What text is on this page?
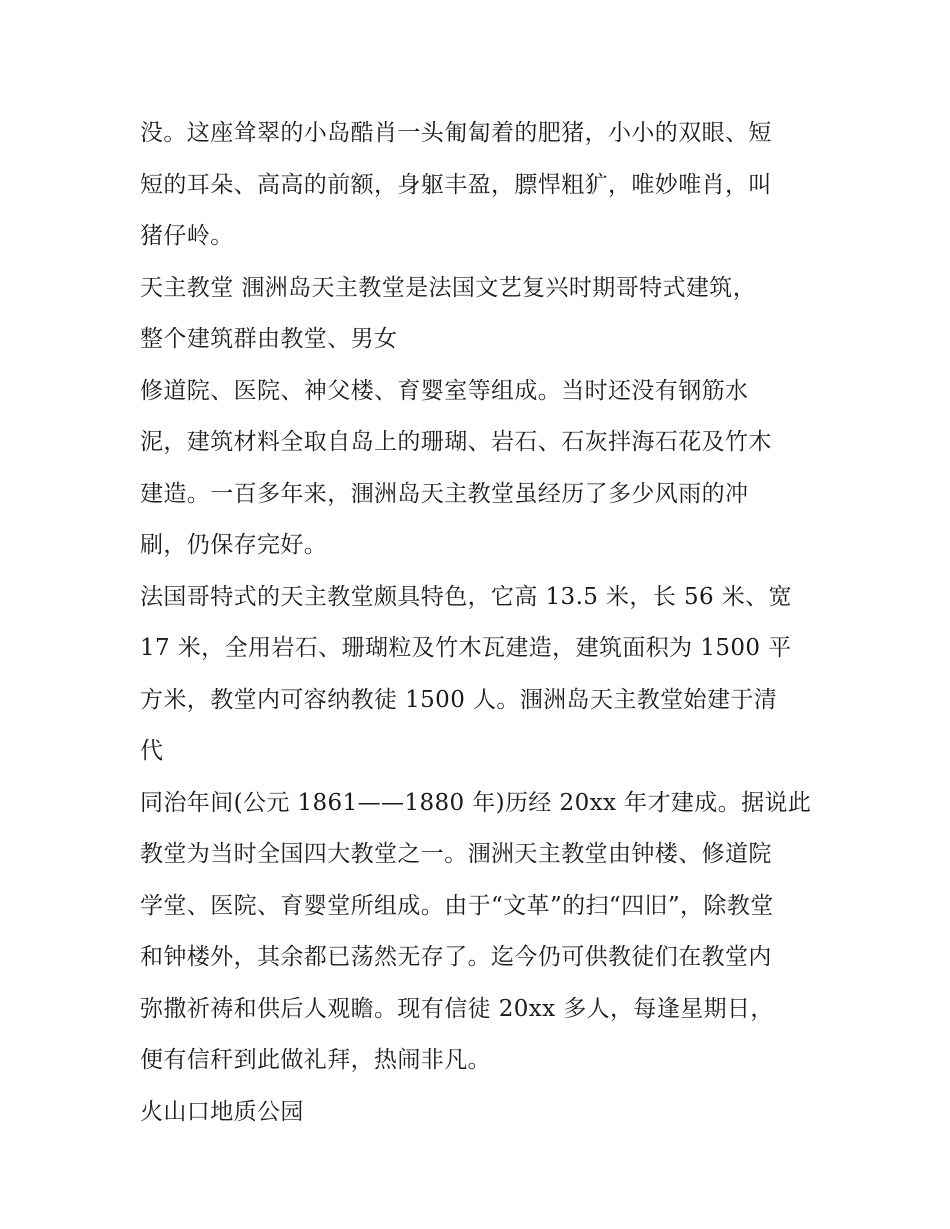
没。这座耸翠的小岛酷肖一头匍匐着的肥猪，小小的双眼、短
短的耳朵、高高的前额，身躯丰盈，膘悍粗犷，唯妙唯肖，叫
猪仔岭。
天主教堂 涠洲岛天主教堂是法国文艺复兴时期哥特式建筑，
整个建筑群由教堂、男女
修道院、医院、神父楼、育婴室等组成。当时还没有钢筋水
泥，建筑材料全取自岛上的珊瑚、岩石、石灰拌海石花及竹木
建造。一百多年来，涠洲岛天主教堂虽经历了多少风雨的冲
刷，仍保存完好。
法国哥特式的天主教堂颇具特色，它高 13.5 米，长 56 米、宽
17 米，全用岩石、珊瑚粒及竹木瓦建造，建筑面积为 1500 平
方米，教堂内可容纳教徒 1500 人。涠洲岛天主教堂始建于清
代
同治年间(公元 1861——1880 年)历经 20xx 年才建成。据说此
教堂为当时全国四大教堂之一。涠洲天主教堂由钟楼、修道院
学堂、医院、育婴堂所组成。由于“文革”的扫“四旧”，除教堂
和钟楼外，其余都已荡然无存了。迄今仍可供教徒们在教堂内
弥撒祈祷和供后人观瞻。现有信徒 20xx 多人，每逢星期日，
便有信秆到此做礼拜，热闹非凡。
火山口地质公园
